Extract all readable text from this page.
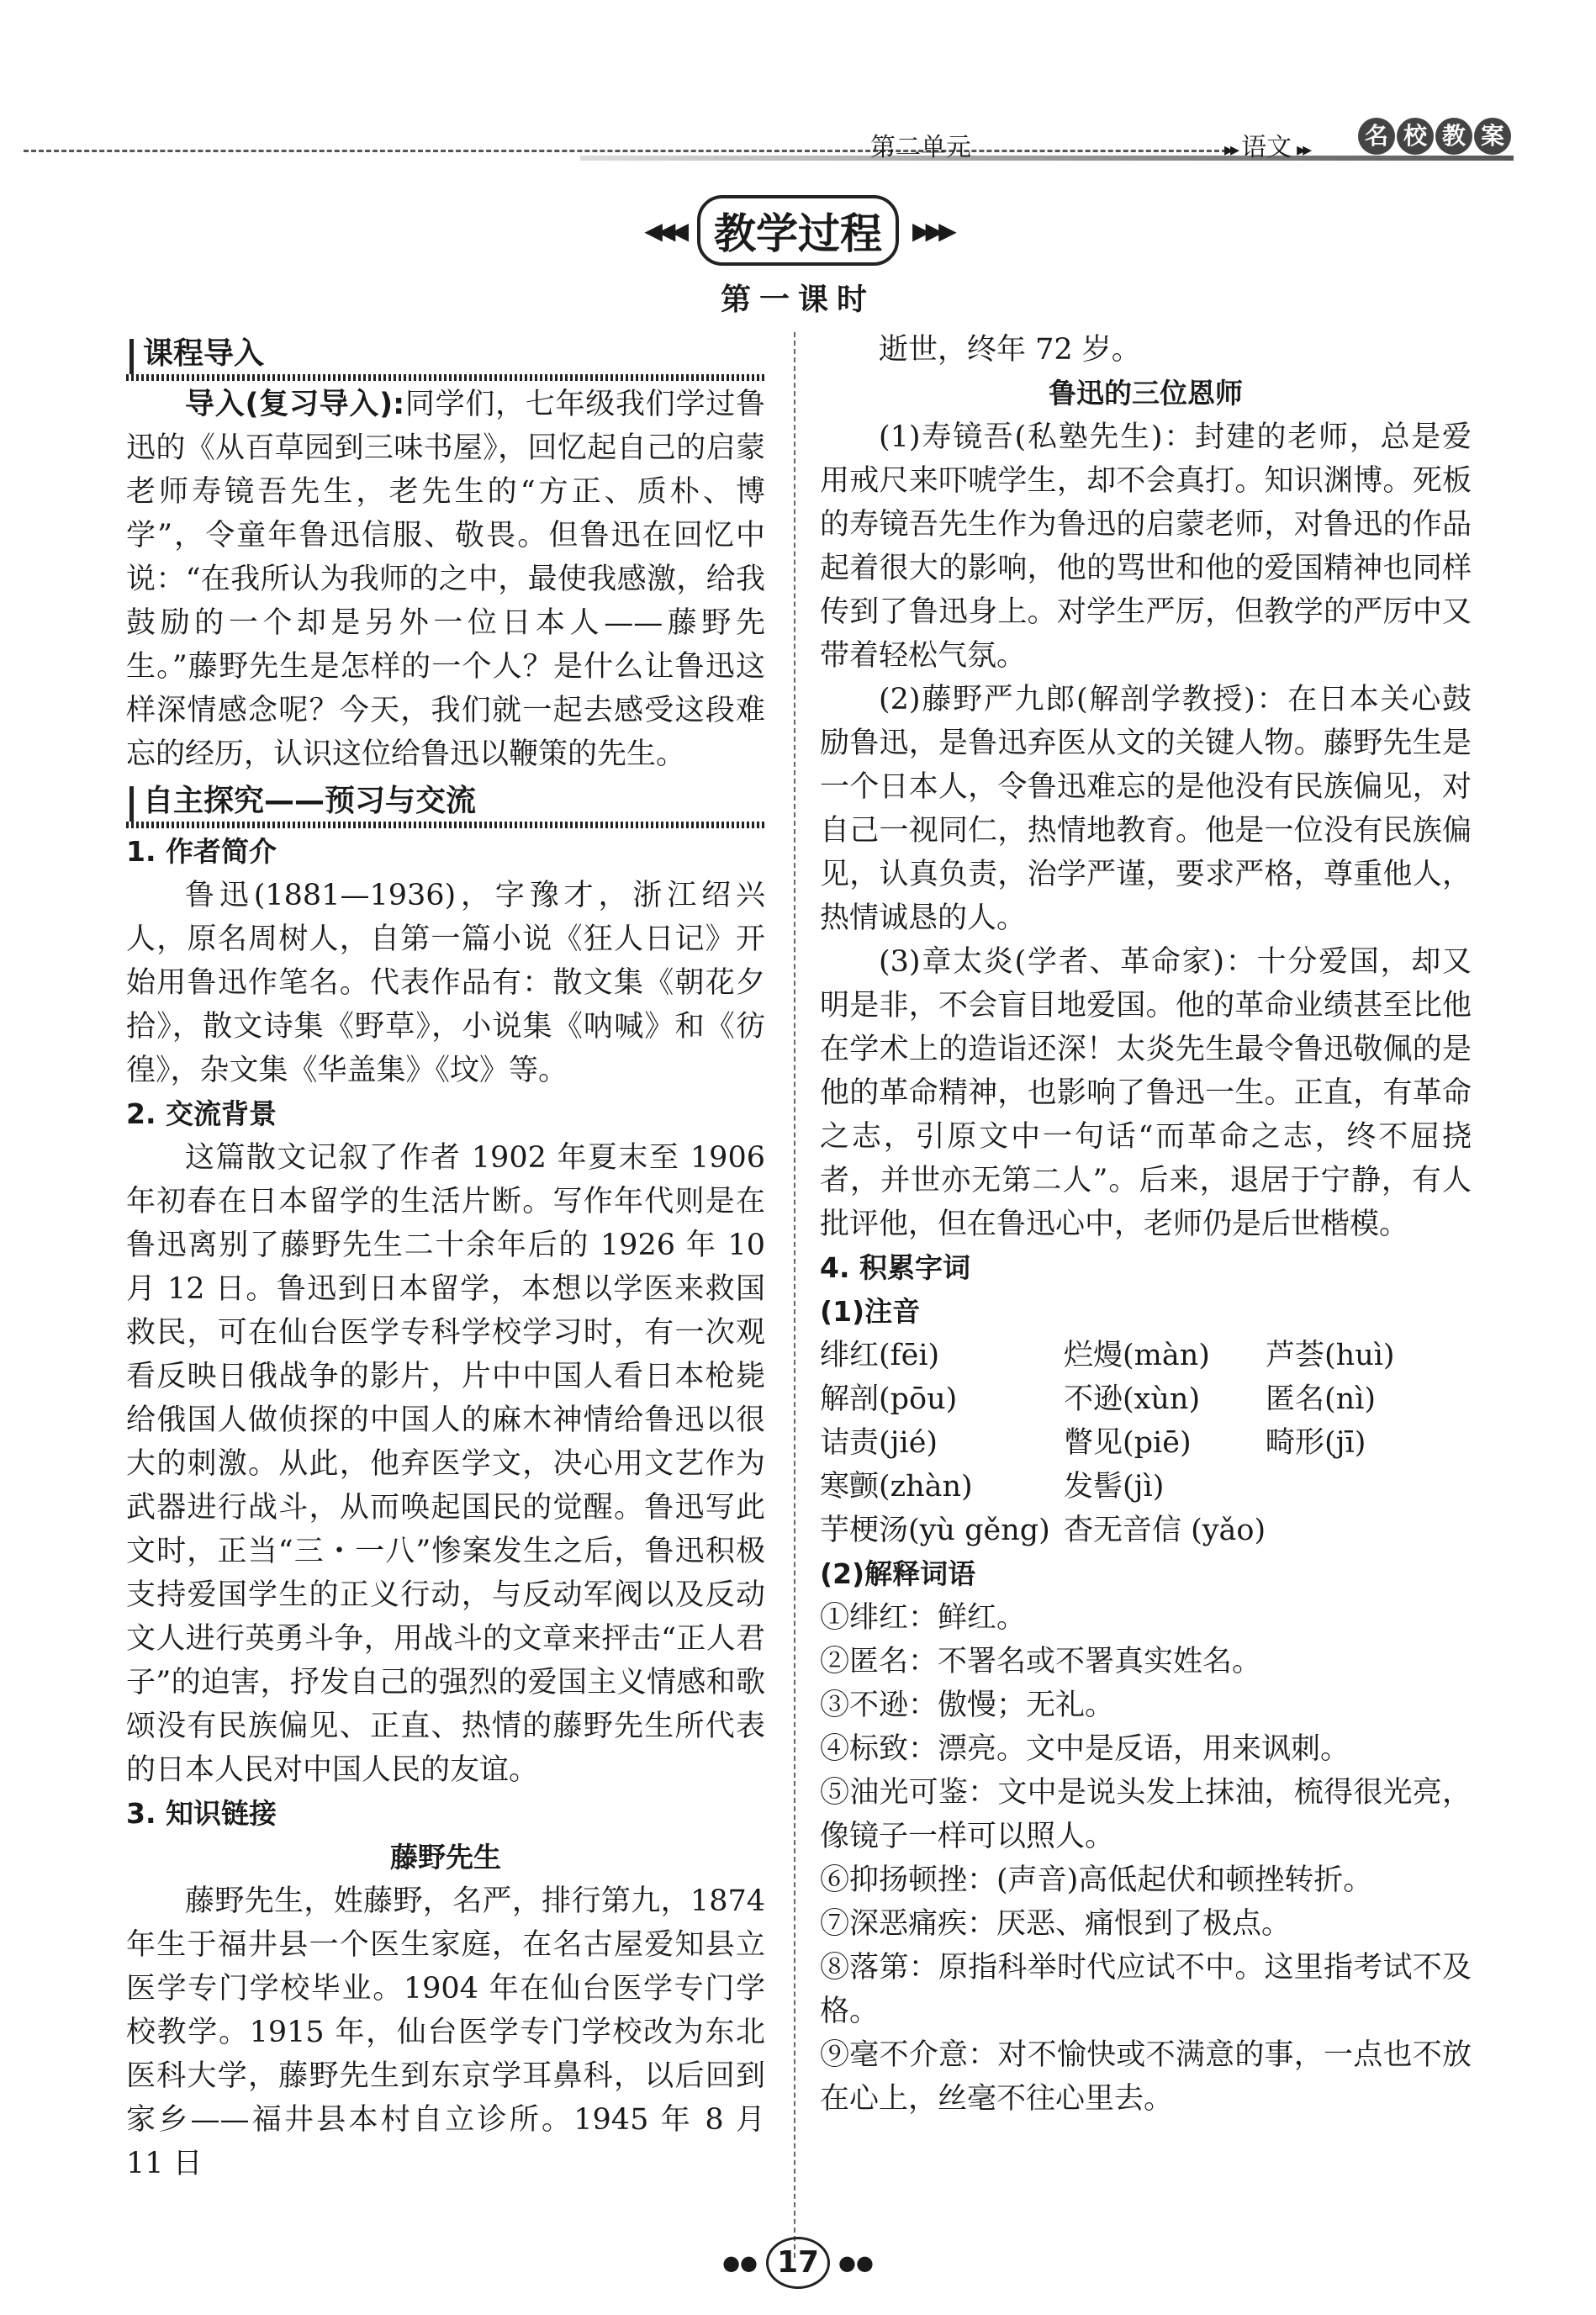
第二单元	▸▸ 语文 ▸▸
名 校 教 案
◀◀◀ 教学过程 ▶▶▶
第一课时
课程导入

导入(复习导入):同学们，七年级我们学过鲁迅的《从百草园到三味书屋》，回忆起自己的启蒙老师寿镜吾先生，老先生的“方正、质朴、博学”，令童年鲁迅信服、敬畏。但鲁迅在回忆中说：“在我所认为我师的之中，最使我感激，给我鼓励的一个却是另外一位日本人——藤野先生。”藤野先生是怎样的一个人？是什么让鲁迅这样深情感念呢？今天，我们就一起去感受这段难忘的经历，认识这位给鲁迅以鞭策的先生。

自主探究——预习与交流

1. 作者简介

鲁迅(1881—1936)，字豫才，浙江绍兴人，原名周树人，自第一篇小说《狂人日记》开始用鲁迅作笔名。代表作品有：散文集《朝花夕拾》，散文诗集《野草》，小说集《呐喊》和《彷徨》，杂文集《华盖集》《坟》等。

2. 交流背景

这篇散文记叙了作者 1902 年夏末至 1906 年初春在日本留学的生活片断。写作年代则是在鲁迅离别了藤野先生二十余年后的 1926 年 10 月 12 日。鲁迅到日本留学，本想以学医来救国救民，可在仙台医学专科学校学习时，有一次观看反映日俄战争的影片，片中中国人看日本枪毙给俄国人做侦探的中国人的麻木神情给鲁迅以很大的刺激。从此，他弃医学文，决心用文艺作为武器进行战斗，从而唤起国民的觉醒。鲁迅写此文时，正当“三・一八”惨案发生之后，鲁迅积极支持爱国学生的正义行动，与反动军阀以及反动文人进行英勇斗争，用战斗的文章来抨击“正人君子”的迫害，抒发自己的强烈的爱国主义情感和歌颂没有民族偏见、正直、热情的藤野先生所代表的日本人民对中国人民的友谊。

3. 知识链接

藤野先生

藤野先生，姓藤野，名严，排行第九，1874 年生于福井县一个医生家庭，在名古屋爱知县立医学专门学校毕业。1904 年在仙台医学专门学校教学。1915 年，仙台医学专门学校改为东北医科大学，藤野先生到东京学耳鼻科，以后回到家乡——福井县本村自立诊所。1945 年 8 月 11 日

逝世，终年 72 岁。

鲁迅的三位恩师

(1)寿镜吾(私塾先生)：封建的老师，总是爱用戒尺来吓唬学生，却不会真打。知识渊博。死板的寿镜吾先生作为鲁迅的启蒙老师，对鲁迅的作品起着很大的影响，他的骂世和他的爱国精神也同样传到了鲁迅身上。对学生严厉，但教学的严厉中又带着轻松气氛。

(2)藤野严九郎(解剖学教授)：在日本关心鼓励鲁迅，是鲁迅弃医从文的关键人物。藤野先生是一个日本人，令鲁迅难忘的是他没有民族偏见，对自己一视同仁，热情地教育。他是一位没有民族偏见，认真负责，治学严谨，要求严格，尊重他人，热情诚恳的人。

(3)章太炎(学者、革命家)：十分爱国，却又明是非，不会盲目地爱国。他的革命业绩甚至比他在学术上的造诣还深！太炎先生最令鲁迅敬佩的是他的革命精神，也影响了鲁迅一生。正直，有革命之志，引原文中一句话“而革命之志，终不屈挠者，并世亦无第二人”。后来，退居于宁静，有人批评他，但在鲁迅心中，老师仍是后世楷模。

4. 积累字词

(1)注音

绯红(fēi)	烂熳(màn)	芦荟(huì)
解剖(pōu)	不逊(xùn)	匿名(nì)
诘责(jié)	瞥见(piē)	畸形(jī)
寒颤(zhàn)	发髻(jì)
芋梗汤(yù gěng) 杳无音信 (yǎo)

(2)解释词语

①绯红：鲜红。

②匿名：不署名或不署真实姓名。

③不逊：傲慢；无礼。

④标致：漂亮。文中是反语，用来讽刺。

⑤油光可鉴：文中是说头发上抹油，梳得很光亮，像镜子一样可以照人。

⑥抑扬顿挫：(声音)高低起伏和顿挫转折。

⑦深恶痛疾：厌恶、痛恨到了极点。

⑧落第：原指科举时代应试不中。这里指考试不及格。

⑨毫不介意：对不愉快或不满意的事，一点也不放在心上，丝毫不往心里去。

●● 17 ●●
